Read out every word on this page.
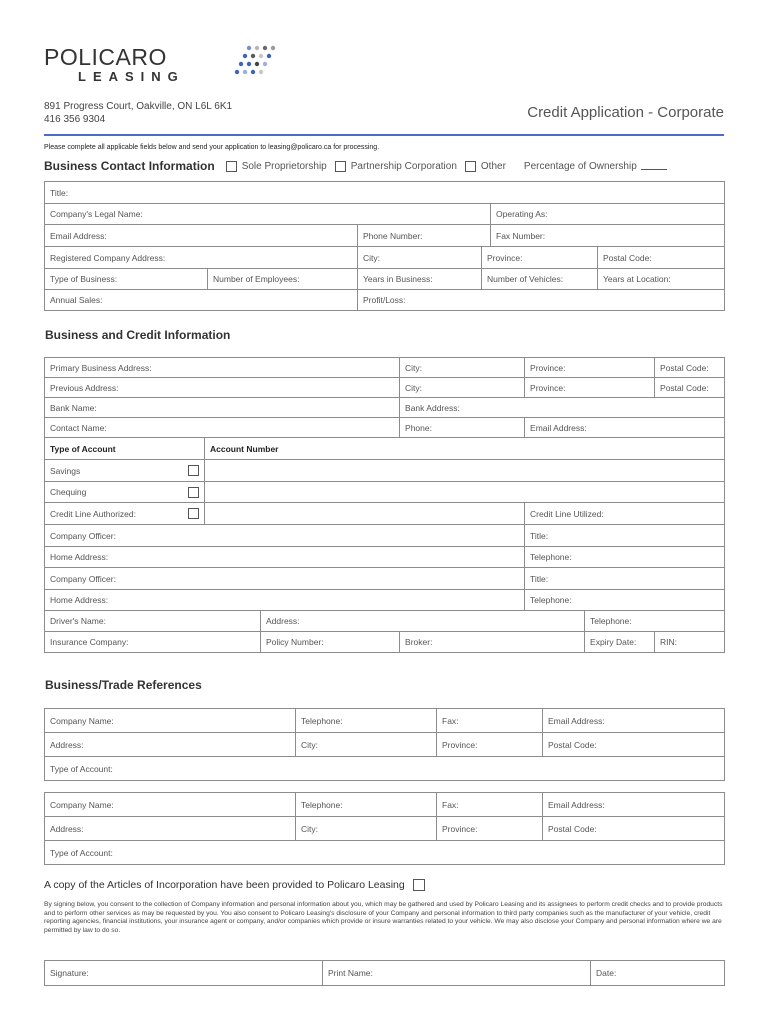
POLICARO
LEASING
891 Progress Court, Oakville, ON L6L 6K1
416 356 9304	Credit Application - Corporate
Please complete all applicable fields below and send your application to leasing@policaro.ca for processing.
Business Contact Information	Sole Proprietorship Partnership Corporation Other Percentage of Ownership
Title:					
Company's Legal Name:				Operating As:	
Email Address:		Phone Number:		Fax Number:	
Registered Company Address:		City:	Province:		Postal Code:
Type of Business:	Number of Employees:	Years in Business:	Number of Vehicles:		Years at Location:
Annual Sales:		Profit/Loss:			
Business and Credit Information
Primary Business Address:			City:	Province:		Postal Code:
Previous Address:			City:	Province:		Postal Code:
Bank Name:			Bank Address:			
Contact Name:			Phone:	Email Address:		
Type of Account	Account Number					

Savings						

Chequing						

Credit Line Authorized:				Credit Line Utilized:		
Company Officer:				Title:		
Home Address:				Telephone:		
Company Officer:				Title:		
Home Address:				Telephone:		
Driver's Name:		Address:			Telephone:	
Insurance Company:		Policy Number:	Broker:		Expiry Date:	RIN:
Business/Trade References
Company Name:	Telephone:	Fax:	Email Address:
Address:	City:	Province:	Postal Code:
Type of Account:			
Company Name:	Telephone:	Fax:	Email Address:
Address:	City:	Province:	Postal Code:
Type of Account:			
A copy of the Articles of Incorporation have been provided to Policaro Leasing
By signing below, you consent to the collection of Company information and personal information about you, which may be gathered and used by Policaro Leasing and its assignees to perform credit checks and to provide products and to perform other services as may be requested by you. You also consent to Policaro Leasing's disclosure of your Company and personal information to third party companies such as the manufacturer of your vehicle, credit reporting agencies, financial institutions, your insurance agent or company, and/or companies which provide or insure warranties related to your vehicle. We may also disclose your Company and personal information where we are permitted by law to do so.
Signature:	Print Name:	Date:
